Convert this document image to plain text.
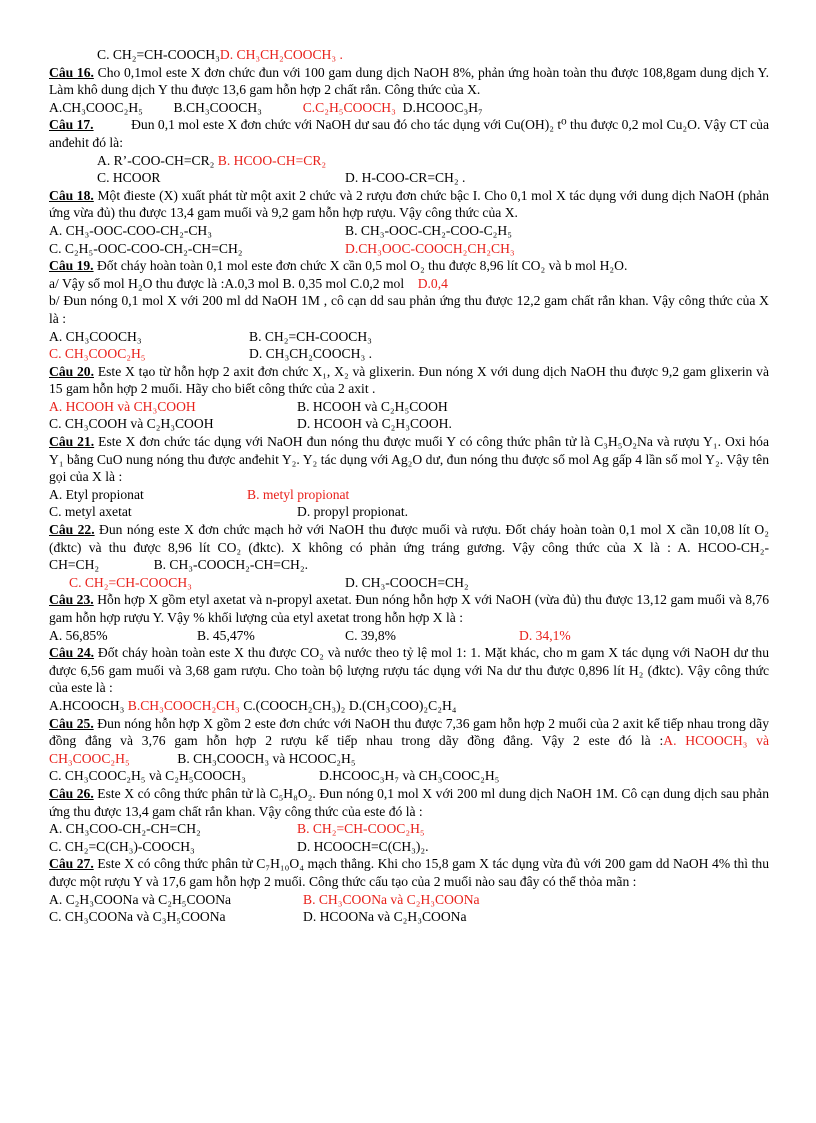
C. CH₂=CH-COOCH₃D. CH₃CH₂COOCH₃ .
Câu 16. Cho 0,1mol este X đơn chức đun với 100 gam dung dịch NaOH 8%, phản ứng hoàn toàn thu được 108,8gam dung dịch Y. Làm khô dung dịch Y thu được 13,6 gam hỗn hợp 2 chất rắn. Công thức của X.
A.CH₃COOC₂H₅ B.CH₃COOCH₃	C.C₂H₅COOCH₃ D.HCOOC₃H₇
Câu 17.	Đun 0,1 mol este X đơn chức với NaOH dư sau đó cho tác dụng với Cu(OH)₂ t⁰ thu được 0,2 mol Cu₂O. Vậy CT của anđehit đó là:
A. R’-COO-CH=CR₂ B. HCOO-CH=CR₂
C. HCOOR	D. H-COO-CR=CH₂ .
Câu 18. Một đieste (X) xuất phát từ một axit 2 chức và 2 rượu đơn chức bậc I. Cho 0,1 mol X tác dụng với dung dịch NaOH (phản ứng vừa đủ) thu được 13,4 gam muối và 9,2 gam hỗn hợp rượu. Vậy công thức của X.
A. CH₃-OOC-COO-CH₂-CH₃	B. CH₃-OOC-CH₂-COO-C₂H₅
C. C₂H₅-OOC-COO-CH₂-CH=CH₂	D.CH₃OOC-COOCH₂CH₂CH₃
Câu 19. Đốt cháy hoàn toàn 0,1 mol este đơn chức X cần 0,5 mol O₂ thu được 8,96 lít CO₂ và b mol H₂O.
a/ Vậy số mol H₂O thu được là :A.0,3 mol B. 0,35 mol C.0,2 mol D.0,4
b/ Đun nóng 0,1 mol X với 200 ml dd NaOH 1M , cô cạn dd sau phản ứng thu được 12,2 gam chất rắn khan. Vậy công thức của X là :
A. CH₃COOCH₃	B. CH₂=CH-COOCH₃
C. CH₃COOC₂H₅	D. CH₃CH₂COOCH₃ .
Câu 20. Este X tạo từ hỗn hợp 2 axit đơn chức X₁, X₂ và glixerin. Đun nóng X với dung dịch NaOH thu được 9,2 gam glixerin và 15 gam hỗn hợp 2 muối. Hãy cho biết công thức của 2 axit .
A. HCOOH và CH₃COOH	B. HCOOH và C₂H₅COOH
C. CH₃COOH và C₂H₃COOH	D. HCOOH và C₂H₃COOH.
Câu 21. Este X đơn chức tác dụng với NaOH đun nóng thu được muối Y có công thức phân tử là C₃H₅O₂Na và rượu Y₁. Oxi hóa Y₁ bằng CuO nung nóng thu được anđehit Y₂. Y₂ tác dụng với Ag₂O dư, đun nóng thu được số mol Ag gấp 4 lần số mol Y₂. Vậy tên gọi của X là :
A. Etyl propionat	B. metyl propionat
C. metyl axetat	D. propyl propionat.
Câu 22. Đun nóng este X đơn chức mạch hở với NaOH thu được muối và rượu. Đốt cháy hoàn toàn 0,1 mol X cần 10,08 lít O₂ (đktc) và thu được 8,96 lít CO₂ (đktc). X không có phản ứng tráng gương. Vậy công thức của X là : A. HCOO-CH₂-CH=CH₂	B. CH₃-COOCH₂-CH=CH₂.
C. CH₂=CH-COOCH₃	D. CH₃-COOCH=CH₂
Câu 23. Hỗn hợp X gồm etyl axetat và n-propyl axetat. Đun nóng hỗn hợp X với NaOH (vừa đủ) thu được 13,12 gam muối và 8,76 gam hỗn hợp rượu Y. Vậy % khối lượng của etyl axetat trong hỗn hợp X là :
A. 56,85%	B. 45,47%	C. 39,8%	D. 34,1%
Câu 24. Đốt cháy hoàn toàn este X thu được CO₂ và nước theo tỷ lệ mol 1: 1. Mặt khác, cho m gam X tác dụng với NaOH dư thu được 6,56 gam muối và 3,68 gam rượu. Cho toàn bộ lượng rượu tác dụng với Na dư thu được 0,896 lít H₂ (đktc). Vậy công thức của este là :
A.HCOOCH₃ B.CH₃COOCH₂CH₃ C.(COOCH₂CH₃)₂ D.(CH₃COO)₂C₂H₄
Câu 25. Đun nóng hỗn hợp X gồm 2 este đơn chức với NaOH thu được 7,36 gam hỗn hợp 2 muối của 2 axit kế tiếp nhau trong dãy đồng đẳng và 3,76 gam hỗn hợp 2 rượu kế tiếp nhau trong dãy đồng đẳng. Vậy 2 este đó là :A. HCOOCH₃ và CH₃COOC₂H₅	B. CH₃COOCH₃ và HCOOC₂H₅
C. CH₃COOC₂H₅ và C₂H₅COOCH₃	D.HCOOC₃H₇ và CH₃COOC₂H₅
Câu 26. Este X có công thức phân tử là C₅H₈O₂. Đun nóng 0,1 mol X với 200 ml dung dịch NaOH 1M. Cô cạn dung dịch sau phản ứng thu được 13,4 gam chất rắn khan. Vậy công thức của este đó là :
A. CH₃COO-CH₂-CH=CH₂	B. CH₂=CH-COOC₂H₅
C. CH₂=C(CH₃)-COOCH₃	D. HCOOCH=C(CH₃)₂.
Câu 27. Este X có công thức phân tử C₇H₁₀O₄ mạch thẳng. Khi cho 15,8 gam X tác dụng vừa đủ với 200 gam dd NaOH 4% thì thu được một rượu Y và 17,6 gam hỗn hợp 2 muối. Công thức cấu tạo của 2 muối nào sau đây có thể thỏa mãn :
A. C₂H₃COONa và C₂H₅COONa	B. CH₃COONa và C₂H₃COONa
C. CH₃COONa và C₃H₅COONa	D. HCOONa và C₂H₃COONa
